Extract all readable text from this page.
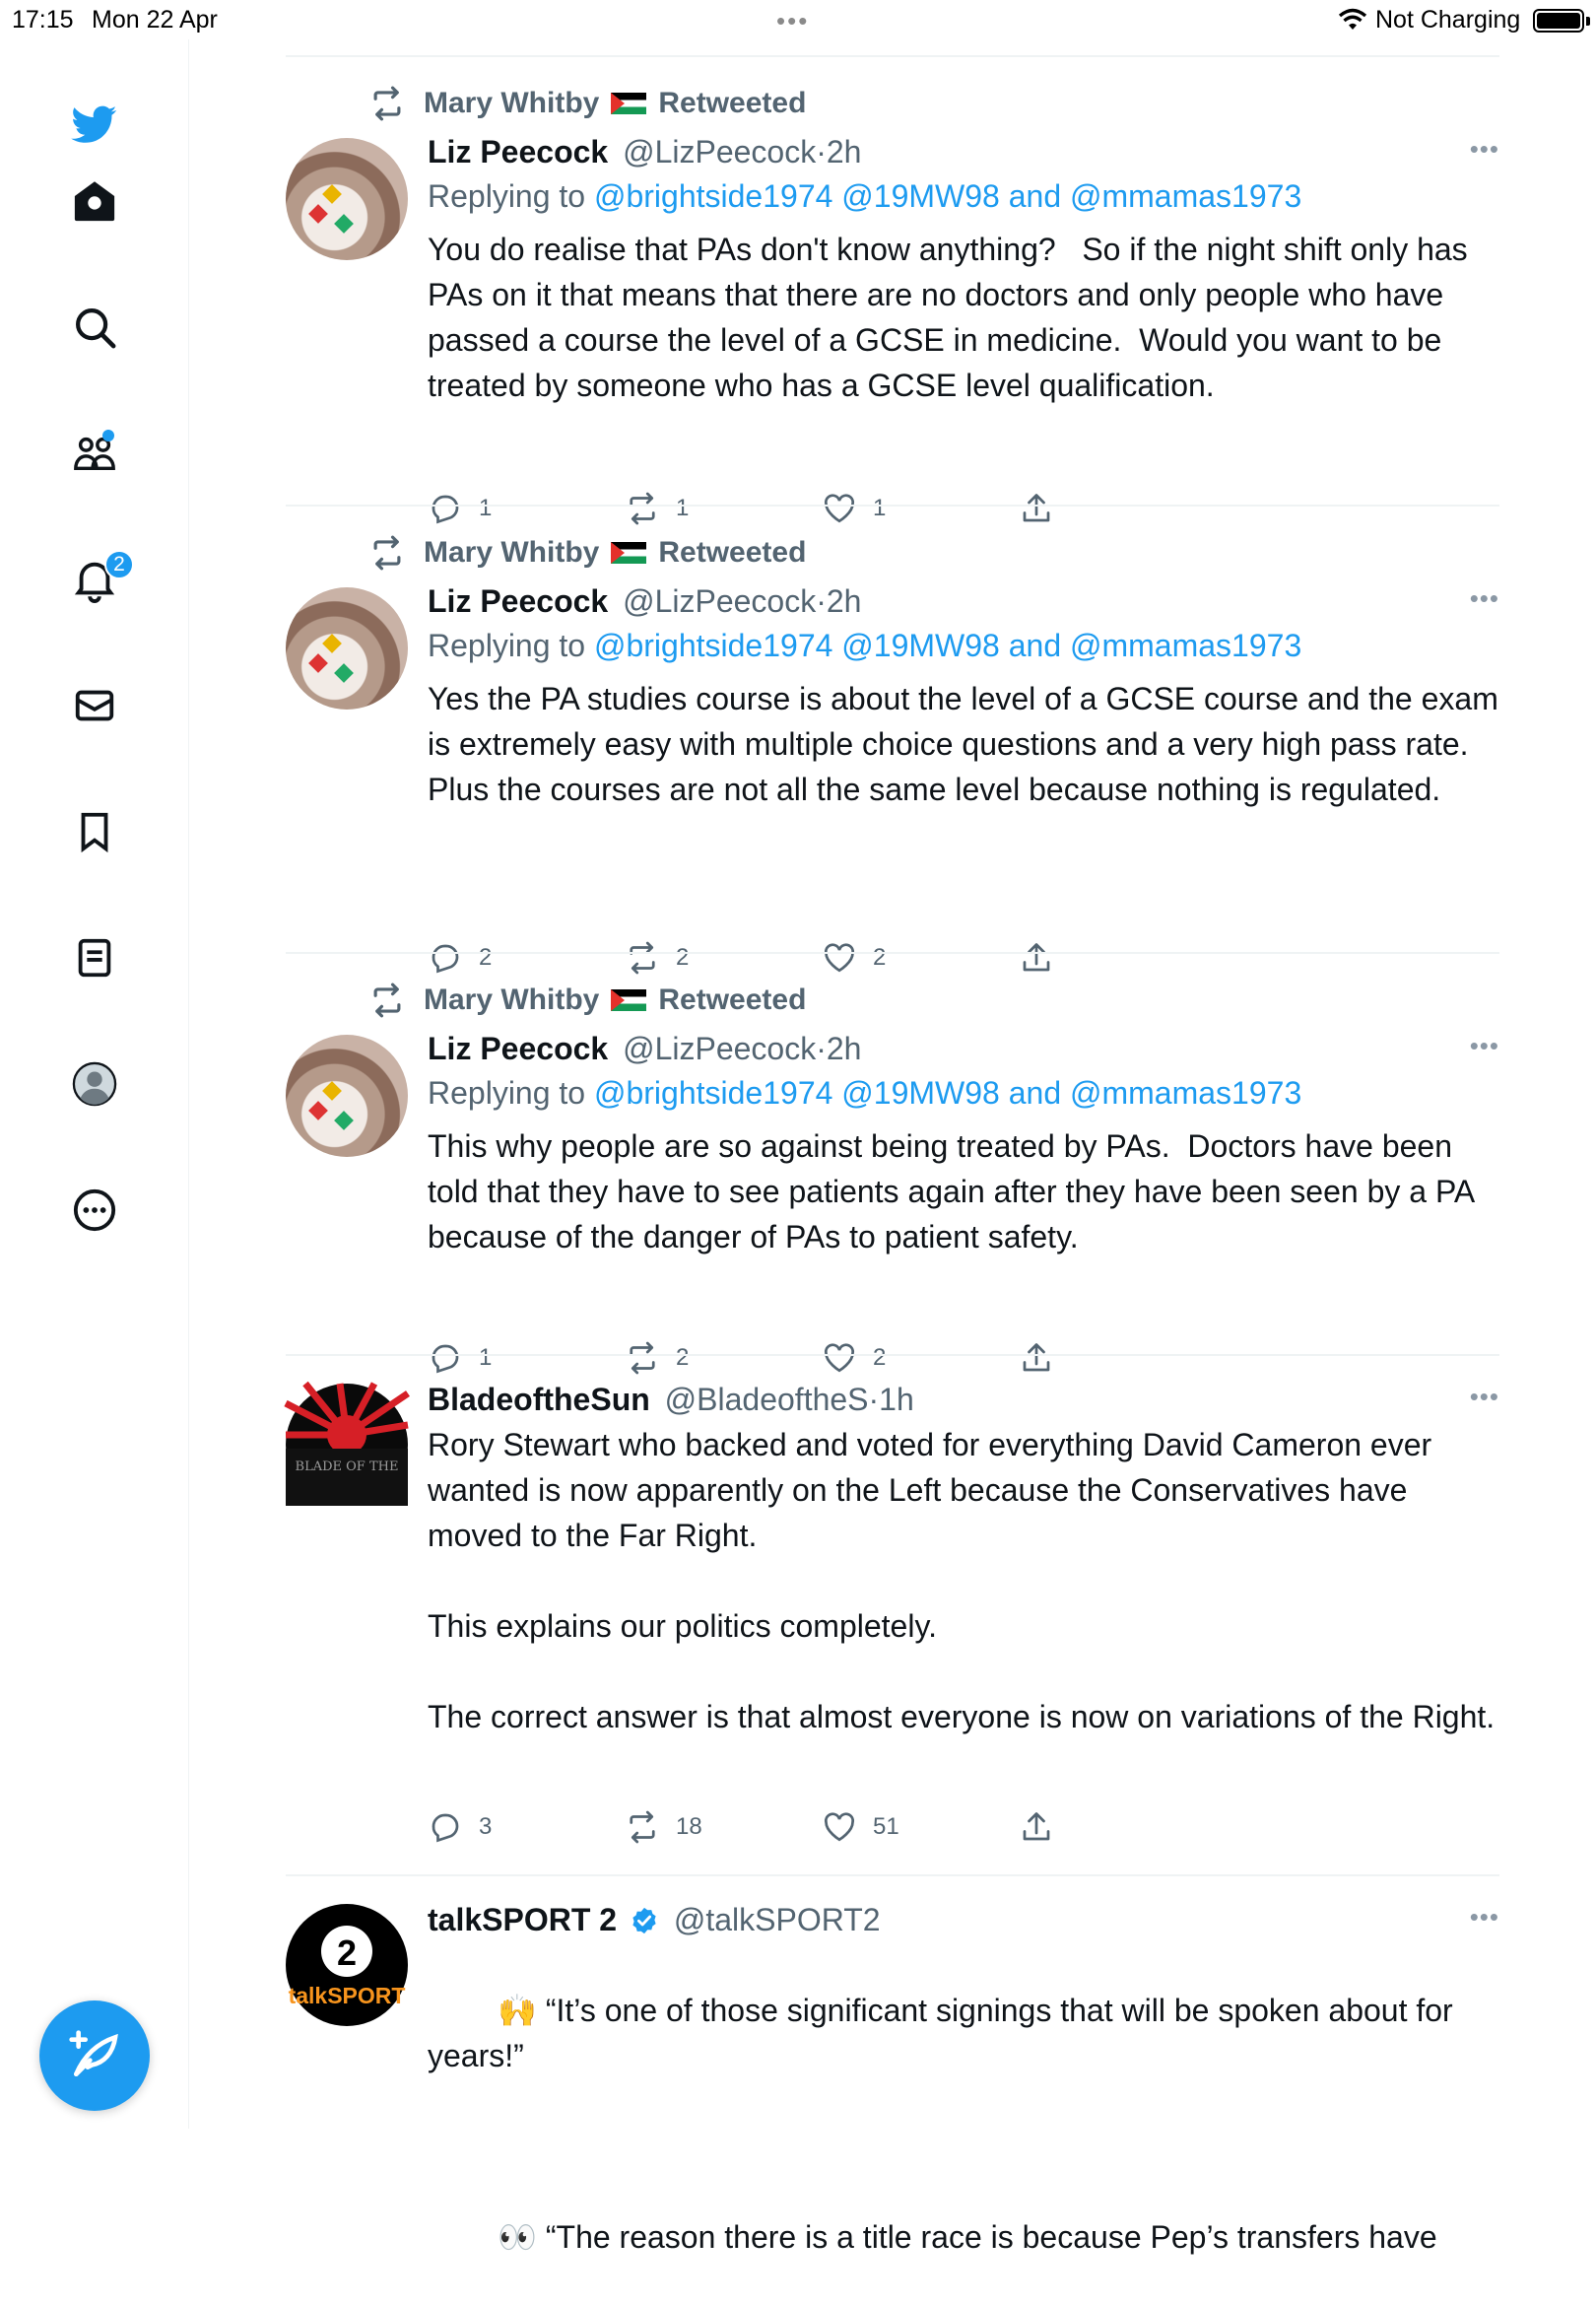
17:15 Mon 22 Apr	•••	Not Charging
2
Mary Whitby Retweeted
Liz Peecock @LizPeecock·2h	•••
Replying to @brightside1974 @19MW98 and @mmamas1973
You do realise that PAs don't know anything?   So if the night shift only has PAs on it that means that there are no doctors and only people who have passed a course the level of a GCSE in medicine.  Would you want to be treated by someone who has a GCSE level qualification.
1	1	1
Mary Whitby Retweeted
Liz Peecock @LizPeecock·2h	•••
Replying to @brightside1974 @19MW98 and @mmamas1973
Yes the PA studies course is about the level of a GCSE course and the exam is extremely easy with multiple choice questions and a very high pass rate.    Plus the courses are not all the same level because nothing is regulated.
2	2	2
Mary Whitby Retweeted
Liz Peecock @LizPeecock·2h	•••
Replying to @brightside1974 @19MW98 and @mmamas1973
This why people are so against being treated by PAs.  Doctors have been told that they have to see patients again after they have been seen by a PA because of the danger of PAs to patient safety.
1	2	2
BLADE OF THE
BladeoftheSun @BladeoftheS·1h	•••
Rory Stewart who backed and voted for everything David Cameron ever wanted is now apparently on the Left because the Conservatives have moved to the Far Right.

This explains our politics completely.

The correct answer is that almost everyone is now on variations of the Right.
3	18	51
2
talkSPORT
talkSPORT 2 @talkSPORT2	•••

🙌 “It’s one of those significant signings that will be spoken about for years!”

👀 “The reason there is a title race is because Pep’s transfers have
